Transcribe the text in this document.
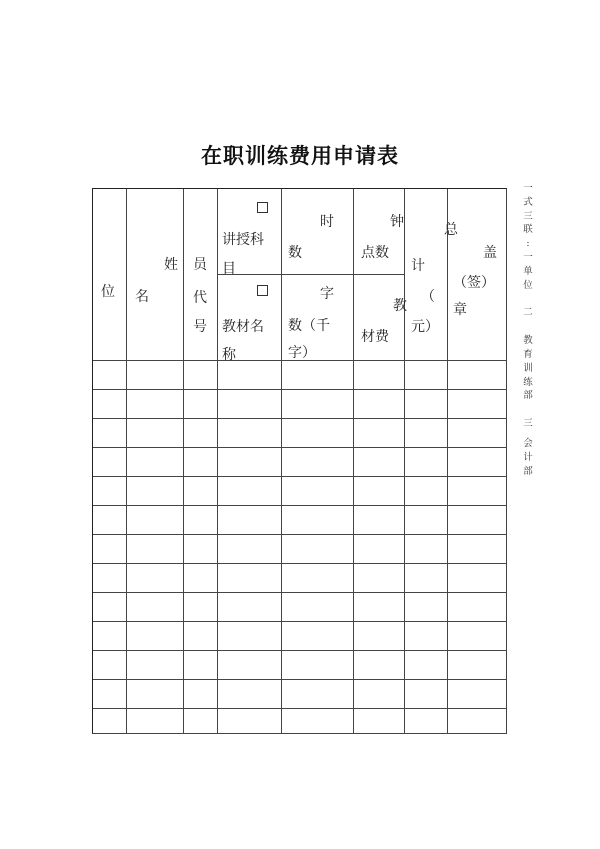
在职训练费用申请表
位
姓
名
员
代
号
讲授科
目
教材名
称
时
数
字
数（千
字）
钟
点数
教
材费
总
计
（
元）
盖
（签）
章
一
式
三
联
:
一
单
位
二
教
育
训
练
部
三
会
计
部
